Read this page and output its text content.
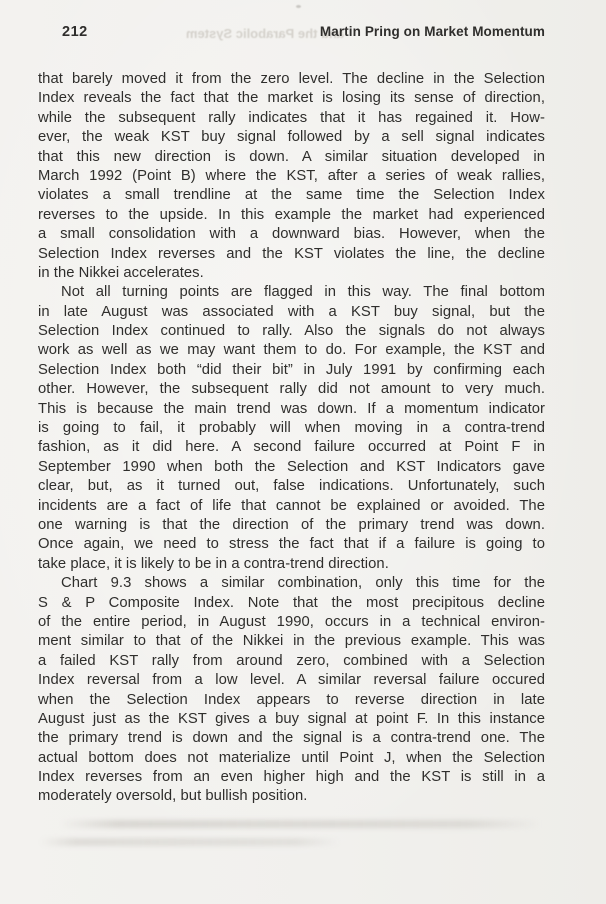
and the Parabolic System
212	Martin Pring on Market Momentum
that barely moved it from the zero level. The decline in the Selection
Index reveals the fact that the market is losing its sense of direction,
while the subsequent rally indicates that it has regained it. How-
ever, the weak KST buy signal followed by a sell signal indicates
that this new direction is down. A similar situation developed in
March 1992 (Point B) where the KST, after a series of weak rallies,
violates a small trendline at the same time the Selection Index
reverses to the upside. In this example the market had experienced
a small consolidation with a downward bias. However, when the
Selection Index reverses and the KST violates the line, the decline
in the Nikkei accelerates.
Not all turning points are flagged in this way. The final bottom
in late August was associated with a KST buy signal, but the
Selection Index continued to rally. Also the signals do not always
work as well as we may want them to do. For example, the KST and
Selection Index both “did their bit” in July 1991 by confirming each
other. However, the subsequent rally did not amount to very much.
This is because the main trend was down. If a momentum indicator
is going to fail, it probably will when moving in a contra-trend
fashion, as it did here. A second failure occurred at Point F in
September 1990 when both the Selection and KST Indicators gave
clear, but, as it turned out, false indications. Unfortunately, such
incidents are a fact of life that cannot be explained or avoided. The
one warning is that the direction of the primary trend was down.
Once again, we need to stress the fact that if a failure is going to
take place, it is likely to be in a contra-trend direction.
Chart 9.3 shows a similar combination, only this time for the
S & P Composite Index. Note that the most precipitous decline
of the entire period, in August 1990, occurs in a technical environ-
ment similar to that of the Nikkei in the previous example. This was
a failed KST rally from around zero, combined with a Selection
Index reversal from a low level. A similar reversal failure occured
when the Selection Index appears to reverse direction in late
August just as the KST gives a buy signal at point F. In this instance
the primary trend is down and the signal is a contra-trend one. The
actual bottom does not materialize until Point J, when the Selection
Index reverses from an even higher high and the KST is still in a
moderately oversold, but bullish position.
